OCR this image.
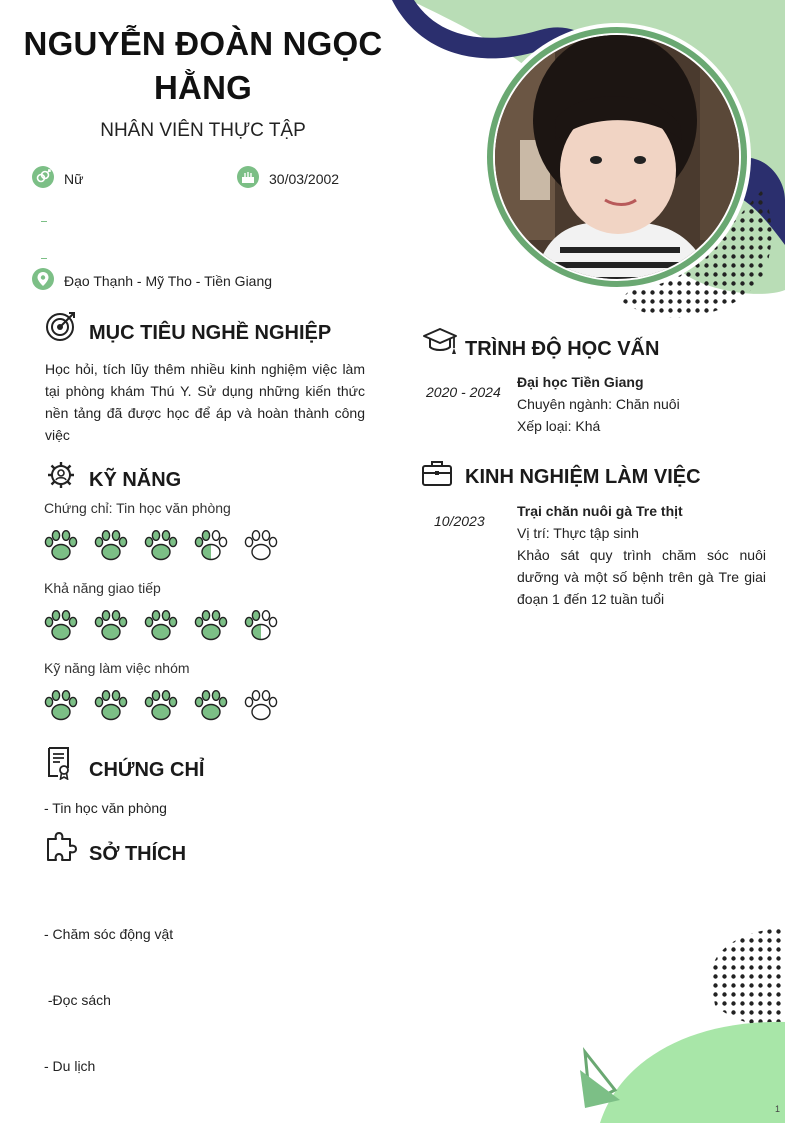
NGUYỄN ĐOÀN NGỌC HẰNG
NHÂN VIÊN THỰC TẬP
Nữ	30/03/2002
Đạo Thạnh - Mỹ Tho - Tiền Giang
MỤC TIÊU NGHỀ NGHIỆP
Học hỏi, tích lũy thêm nhiều kinh nghiệm việc làm
tại phòng khám Thú Y. Sử dụng những kiến thức
nền tảng đã được học để áp và hoàn thành công
việc
KỸ NĂNG
Chứng chỉ: Tin học văn phòng
Khả năng giao tiếp
Kỹ năng làm việc nhóm
CHỨNG CHỈ
- Tin học văn phòng
SỞ THÍCH

- Chăm sóc động vật

-Đọc sách

- Du lịch

TRÌNH ĐỘ HỌC VẤN
2020 - 2024
Đại học Tiền Giang
Chuyên ngành: Chăn nuôi
Xếp loại: Khá
KINH NGHIỆM LÀM VIỆC
10/2023
Trại chăn nuôi gà Tre thịt
Vị trí: Thực tập sinh
Khảo sát quy trình chăm sóc nuôi
dưỡng và một số bệnh trên gà Tre giai
đoạn 1 đến 12 tuần tuổi
1
